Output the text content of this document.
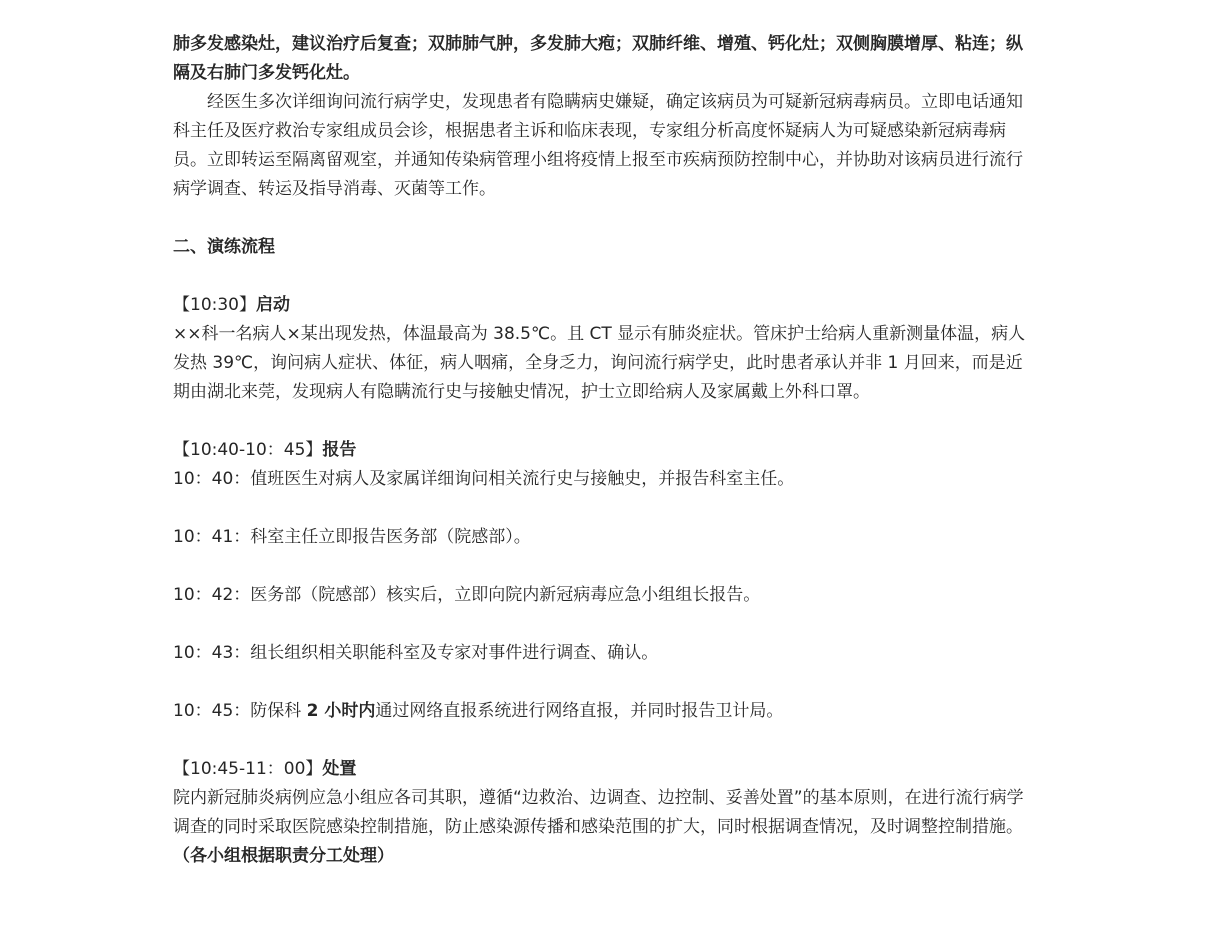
肺多发感染灶，建议治疗后复查；双肺肺气肿，多发肺大疱；双肺纤维、增殖、钙化灶；双侧胸膜增厚、粘连；纵隔及右肺门多发钙化灶。

经医生多次详细询问流行病学史，发现患者有隐瞒病史嫌疑，确定该病员为可疑新冠病毒病员。立即电话通知科主任及医疗救治专家组成员会诊，根据患者主诉和临床表现，专家组分析高度怀疑病人为可疑感染新冠病毒病员。立即转运至隔离留观室，并通知传染病管理小组将疫情上报至市疾病预防控制中心，并协助对该病员进行流行病学调查、转运及指导消毒、灭菌等工作。

二、演练流程

【10:30】启动

××科一名病人×某出现发热，体温最高为 38.5℃。且 CT 显示有肺炎症状。管床护士给病人重新测量体温，病人发热 39℃，询问病人症状、体征，病人咽痛，全身乏力，询问流行病学史，此时患者承认并非 1 月回来，而是近期由湖北来莞，发现病人有隐瞒流行史与接触史情况，护士立即给病人及家属戴上外科口罩。

【10:40-10：45】报告

10：40：值班医生对病人及家属详细询问相关流行史与接触史，并报告科室主任。

10：41：科室主任立即报告医务部（院感部）。

10：42：医务部（院感部）核实后，立即向院内新冠病毒应急小组组长报告。

10：43：组长组织相关职能科室及专家对事件进行调查、确认。

10：45：防保科 2 小时内通过网络直报系统进行网络直报，并同时报告卫计局。

【10:45-11：00】处置

院内新冠肺炎病例应急小组应各司其职，遵循“边救治、边调查、边控制、妥善处置”的基本原则，在进行流行病学调查的同时采取医院感染控制措施，防止感染源传播和感染范围的扩大，同时根据调查情况，及时调整控制措施。（各小组根据职责分工处理）
